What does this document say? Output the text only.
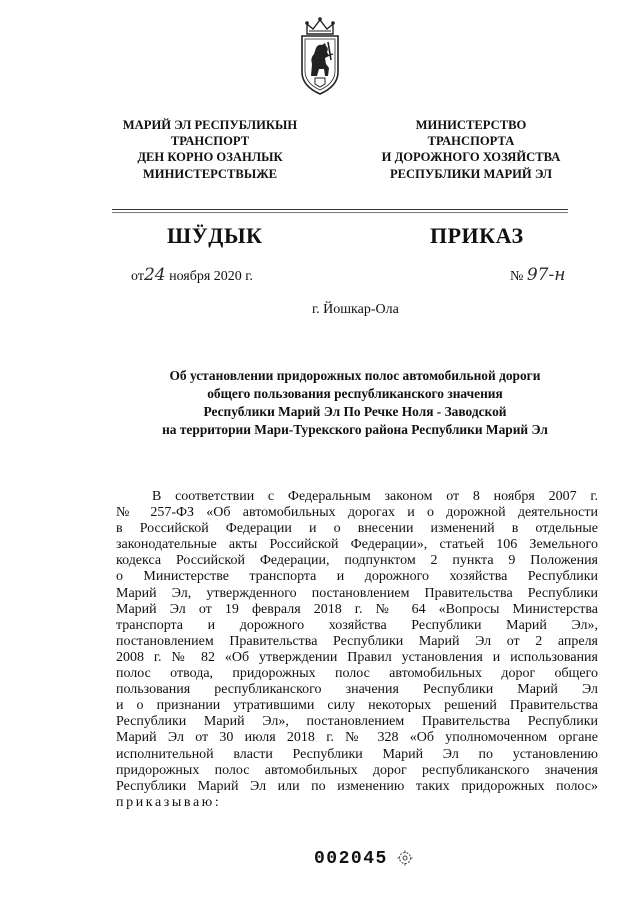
МАРИЙ ЭЛ РЕСПУБЛИКЫН
ТРАНСПОРТ
ДЕН КОРНО ОЗАНЛЫК
МИНИСТЕРСТВЫЖЕ
МИНИСТЕРСТВО
ТРАНСПОРТА
И ДОРОЖНОГО ХОЗЯЙСТВА
РЕСПУБЛИКИ МАРИЙ ЭЛ
ШӰДЫК	ПРИКАЗ
от24 ноября 2020 г.	№ 97-н
г. Йошкар-Ола
Об установлении придорожных полос автомобильной дороги
общего пользования республиканского значения
Республики Марий Эл По Речке Ноля - Заводской
на территории Мари-Турекского района Республики Марий Эл
В соответствии с Федеральным законом от 8 ноября 2007 г.
№ 257-ФЗ «Об автомобильных дорогах и о дорожной деятельности
в Российской Федерации и о внесении изменений в отдельные
законодательные акты Российской Федерации», статьей 106 Земельного
кодекса Российской Федерации, подпунктом 2 пункта 9 Положения
о Министерстве транспорта и дорожного хозяйства Республики
Марий Эл, утвержденного постановлением Правительства Республики
Марий Эл от 19 февраля 2018 г. № 64 «Вопросы Министерства
транспорта и дорожного хозяйства Республики Марий Эл»,
постановлением Правительства Республики Марий Эл от 2 апреля
2008 г. № 82 «Об утверждении Правил установления и использования
полос отвода, придорожных полос автомобильных дорог общего
пользования республиканского значения Республики Марий Эл
и о признании утратившими силу некоторых решений Правительства
Республики Марий Эл», постановлением Правительства Республики
Марий Эл от 30 июля 2018 г. № 328 «Об уполномоченном органе
исполнительной власти Республики Марий Эл по установлению
придорожных полос автомобильных дорог республиканского значения
Республики Марий Эл или по изменению таких придорожных полос»
приказываю:
002045
